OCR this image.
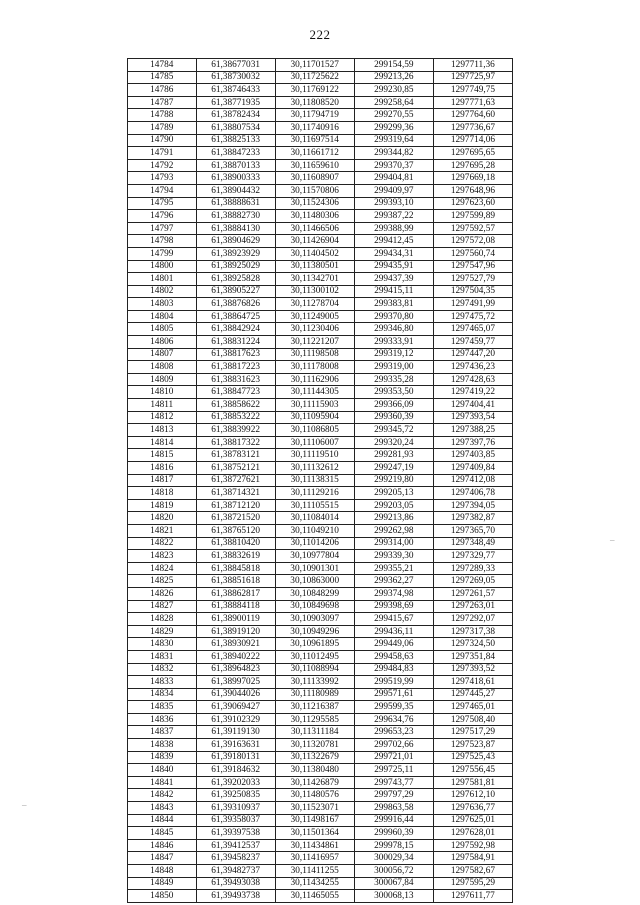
222
14784	61,38677031	30,11701527	299154,59	1297711,36
14785	61,38730032	30,11725622	299213,26	1297725,97
14786	61,38746433	30,11769122	299230,85	1297749,75
14787	61,38771935	30,11808520	299258,64	1297771,63
14788	61,38782434	30,11794719	299270,55	1297764,60
14789	61,38807534	30,11740916	299299,36	1297736,67
14790	61,38825133	30,11697514	299319,64	1297714,06
14791	61,38847233	30,11661712	299344,82	1297695,65
14792	61,38870133	30,11659610	299370,37	1297695,28
14793	61,38900333	30,11608907	299404,81	1297669,18
14794	61,38904432	30,11570806	299409,97	1297648,96
14795	61,38888631	30,11524306	299393,10	1297623,60
14796	61,38882730	30,11480306	299387,22	1297599,89
14797	61,38884130	30,11466506	299388,99	1297592,57
14798	61,38904629	30,11426904	299412,45	1297572,08
14799	61,38923929	30,11404502	299434,31	1297560,74
14800	61,38925029	30,11380501	299435,91	1297547,96
14801	61,38925828	30,11342701	299437,39	1297527,79
14802	61,38905227	30,11300102	299415,11	1297504,35
14803	61,38876826	30,11278704	299383,81	1297491,99
14804	61,38864725	30,11249005	299370,80	1297475,72
14805	61,38842924	30,11230406	299346,80	1297465,07
14806	61,38831224	30,11221207	299333,91	1297459,77
14807	61,38817623	30,11198508	299319,12	1297447,20
14808	61,38817223	30,11178008	299319,00	1297436,23
14809	61,38831623	30,11162906	299335,28	1297428,63
14810	61,38847723	30,11144305	299353,50	1297419,22
14811	61,38858622	30,11115903	299366,09	1297404,41
14812	61,38853222	30,11095904	299360,39	1297393,54
14813	61,38839922	30,11086805	299345,72	1297388,25
14814	61,38817322	30,11106007	299320,24	1297397,76
14815	61,38783121	30,11119510	299281,93	1297403,85
14816	61,38752121	30,11132612	299247,19	1297409,84
14817	61,38727621	30,11138315	299219,80	1297412,08
14818	61,38714321	30,11129216	299205,13	1297406,78
14819	61,38712120	30,11105515	299203,05	1297394,05
14820	61,38721520	30,11084014	299213,86	1297382,87
14821	61,38765120	30,11049210	299262,98	1297365,70
14822	61,38810420	30,11014206	299314,00	1297348,49
14823	61,38832619	30,10977804	299339,30	1297329,77
14824	61,38845818	30,10901301	299355,21	1297289,33
14825	61,38851618	30,10863000	299362,27	1297269,05
14826	61,38862817	30,10848299	299374,98	1297261,57
14827	61,38884118	30,10849698	299398,69	1297263,01
14828	61,38900119	30,10903097	299415,67	1297292,07
14829	61,38919120	30,10949296	299436,11	1297317,38
14830	61,38930921	30,10961895	299449,06	1297324,50
14831	61,38940222	30,11012495	299458,63	1297351,84
14832	61,38964823	30,11088994	299484,83	1297393,52
14833	61,38997025	30,11133992	299519,99	1297418,61
14834	61,39044026	30,11180989	299571,61	1297445,27
14835	61,39069427	30,11216387	299599,35	1297465,01
14836	61,39102329	30,11295585	299634,76	1297508,40
14837	61,39119130	30,11311184	299653,23	1297517,29
14838	61,39163631	30,11320781	299702,66	1297523,87
14839	61,39180131	30,11322679	299721,01	1297525,43
14840	61,39184632	30,11380480	299725,11	1297556,45
14841	61,39202033	30,11426879	299743,77	1297581,81
14842	61,39250835	30,11480576	299797,29	1297612,10
14843	61,39310937	30,11523071	299863,58	1297636,77
14844	61,39358037	30,11498167	299916,44	1297625,01
14845	61,39397538	30,11501364	299960,39	1297628,01
14846	61,39412537	30,11434861	299978,15	1297592,98
14847	61,39458237	30,11416957	300029,34	1297584,91
14848	61,39482737	30,11411255	300056,72	1297582,67
14849	61,39493038	30,11434255	300067,84	1297595,29
14850	61,39493738	30,11465055	300068,13	1297611,77
–
–
